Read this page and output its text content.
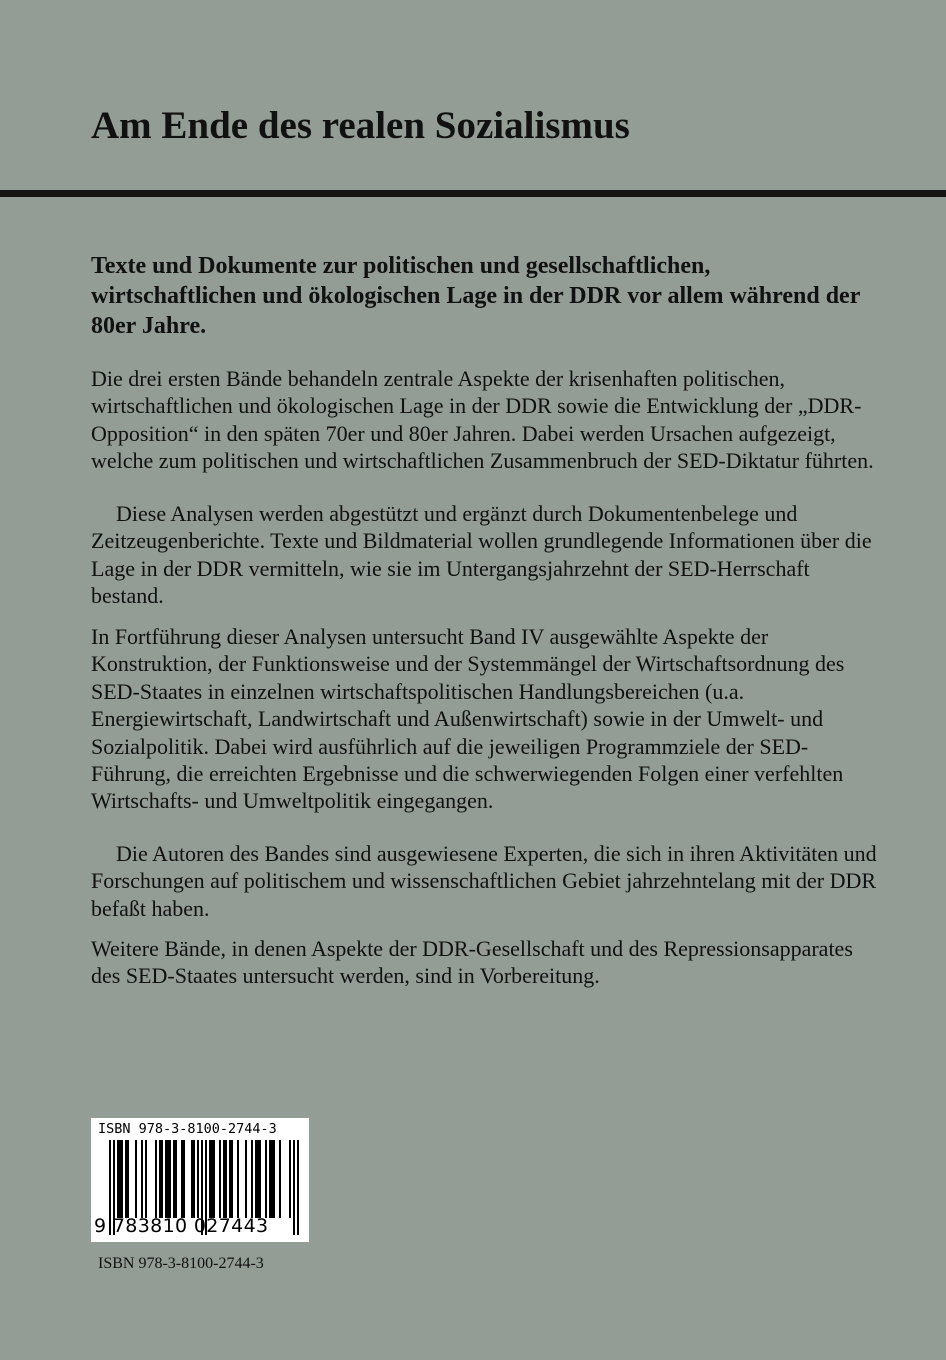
Am Ende des realen Sozialismus

Texte und Dokumente zur politischen und gesellschaftlichen, wirtschaftlichen und ökologischen Lage in der DDR vor allem während der 80er Jahre.

Die drei ersten Bände behandeln zentrale Aspekte der krisenhaften politischen, wirtschaftlichen und ökologischen Lage in der DDR sowie die Entwicklung der „DDR-Opposition“ in den späten 70er und 80er Jahren. Dabei werden Ursachen aufgezeigt, welche zum politischen und wirtschaftlichen Zusammenbruch der SED-Diktatur führten.

Diese Analysen werden abgestützt und ergänzt durch Dokumentenbelege und Zeitzeugenberichte. Texte und Bildmaterial wollen grundlegende Informationen über die Lage in der DDR vermitteln, wie sie im Untergangsjahrzehnt der SED-Herrschaft bestand.

In Fortführung dieser Analysen untersucht Band IV ausgewählte Aspekte der Konstruktion, der Funktionsweise und der Systemmängel der Wirtschaftsordnung des SED-Staates in einzelnen wirtschaftspolitischen Handlungsbereichen (u.a. Energiewirtschaft, Landwirtschaft und Außenwirtschaft) sowie in der Umwelt- und Sozialpolitik. Dabei wird ausführlich auf die jeweiligen Programmziele der SED-Führung, die erreichten Ergebnisse und die schwerwiegenden Folgen einer verfehlten Wirtschafts- und Umweltpolitik eingegangen.

Die Autoren des Bandes sind ausgewiesene Experten, die sich in ihren Aktivitäten und Forschungen auf politischem und wissenschaftlichen Gebiet jahrzehntelang mit der DDR befaßt haben.

Weitere Bände, in denen Aspekte der DDR-Gesellschaft und des Repressionsapparates des SED-Staates untersucht werden, sind in Vorbereitung.

ISBN 978-3-8100-2744-3
9 783810 027443
ISBN 978-3-8100-2744-3
